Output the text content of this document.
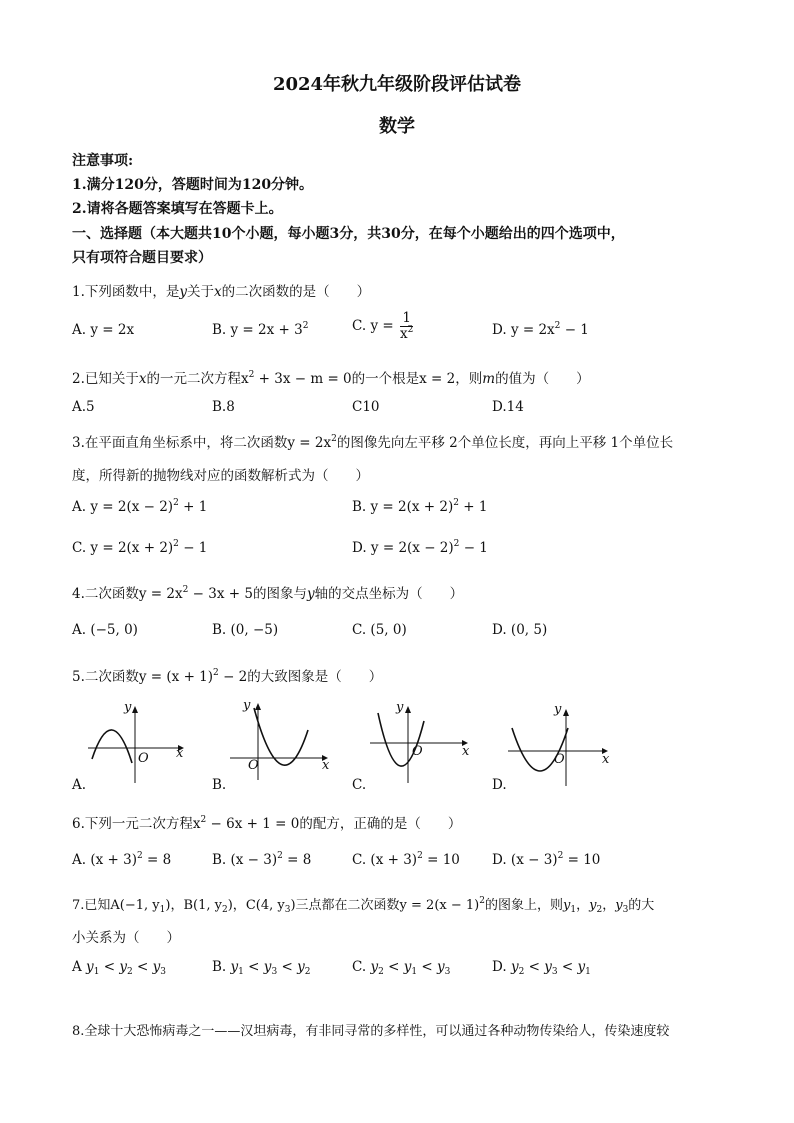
2024年秋九年级阶段评估试卷
数学
注意事项:
1.满分120分，答题时间为120分钟。
2.请将各题答案填写在答题卡上。
一、选择题（本大题共10个小题，每小题3分，共30分，在每个小题给出的四个选项中，
只有项符合题目要求）
1.下列函数中，是y关于x的二次函数的是（　　）
A. y = 2x	B. $y = 2x + 3^2$	C. $y = \frac{1}{x^2}$	D. $y = 2x^2 - 1$
2.已知关于x的一元二次方程$x^2 + 3x - m = 0$的一个根是x = 2，则m的值为（　　）
A.5	B.8	C10	D.14
3.在平面直角坐标系中，将二次函数$y = 2x^2$的图像先向左平移 2个单位长度，再向上平移 1个单位长
度，所得新的抛物线对应的函数解析式为（　　）
A. $y = 2(x - 2)^2 + 1$	B. $y = 2(x + 2)^2 + 1$
C. $y = 2(x + 2)^2 - 1$	D. $y = 2(x - 2)^2 - 1$
4.二次函数$y = 2x^2 - 3x + 5$的图象与y轴的交点坐标为（　　）
A. (−5, 0)	B. (0, −5)	C. (5, 0)	D. (0, 5)
5.二次函数$y = (x + 1)^2 - 2$的大致图象是（　　）
y
x
O
A.
y
x
O
B.
y
x
O
C.
y
x
O
D.
6.下列一元二次方程$x^2 - 6x + 1 = 0$的配方，正确的是（　　）
A. $(x + 3)^2 = 8$	B. $(x - 3)^2 = 8$	C. $(x + 3)^2 = 10$ D. $(x - 3)^2 = 10$
7.已知A(−1, $y_1$)，B(1, $y_2$)，C(4, $y_3$)三点都在二次函数$y = 2(x - 1)^2$的图象上，则$y_1$，$y_2$，$y_3$的大
小关系为（　　）
A $y_1 < y_2 < y_3$	B. $y_1 < y_3 < y_2$	C. $y_2 < y_1 < y_3$	D. $y_2 < y_3 < y_1$
8.全球十大恐怖病毒之一——汉坦病毒，有非同寻常的多样性，可以通过各种动物传染给人，传染速度较
